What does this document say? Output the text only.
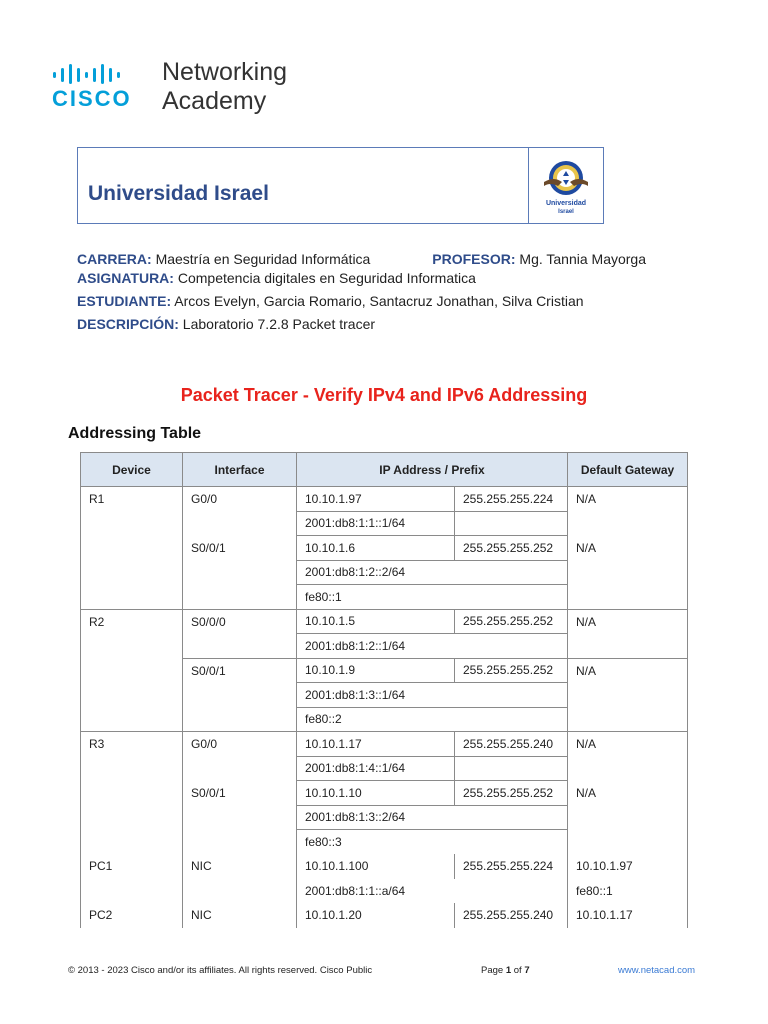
CISCO
Networking
Academy
Universidad Israel	Universidad
Israel
CARRERA: Maestría en Seguridad Informática	PROFESOR: Mg. Tannia Mayorga
ASIGNATURA: Competencia digitales en Seguridad Informatica
ESTUDIANTE: Arcos Evelyn, Garcia Romario, Santacruz Jonathan, Silva Cristian
DESCRIPCIÓN: Laboratorio 7.2.8 Packet tracer
Packet Tracer - Verify IPv4 and IPv6 Addressing
Addressing Table
Device	Interface	IP Address / Prefix		Default Gateway
R1	G0/0	10.10.1.97	255.255.255.224	N/A
		2001:db8:1:1::1/64		
	S0/0/1	10.10.1.6	255.255.255.252	N/A
		2001:db8:1:2::2/64		
		fe80::1		
R2	S0/0/0	10.10.1.5	255.255.255.252	N/A
		2001:db8:1:2::1/64		
	S0/0/1	10.10.1.9	255.255.255.252	N/A
		2001:db8:1:3::1/64		
		fe80::2		
R3	G0/0	10.10.1.17	255.255.255.240	N/A
		2001:db8:1:4::1/64		
	S0/0/1	10.10.1.10	255.255.255.252	N/A
		2001:db8:1:3::2/64		
		fe80::3		
PC1	NIC	10.10.1.100	255.255.255.224	10.10.1.97
		2001:db8:1:1::a/64		fe80::1
PC2	NIC	10.10.1.20	255.255.255.240	10.10.1.17
© 2013 - 2023 Cisco and/or its affiliates. All rights reserved. Cisco Public	Page 1 of 7	www.netacad.com
